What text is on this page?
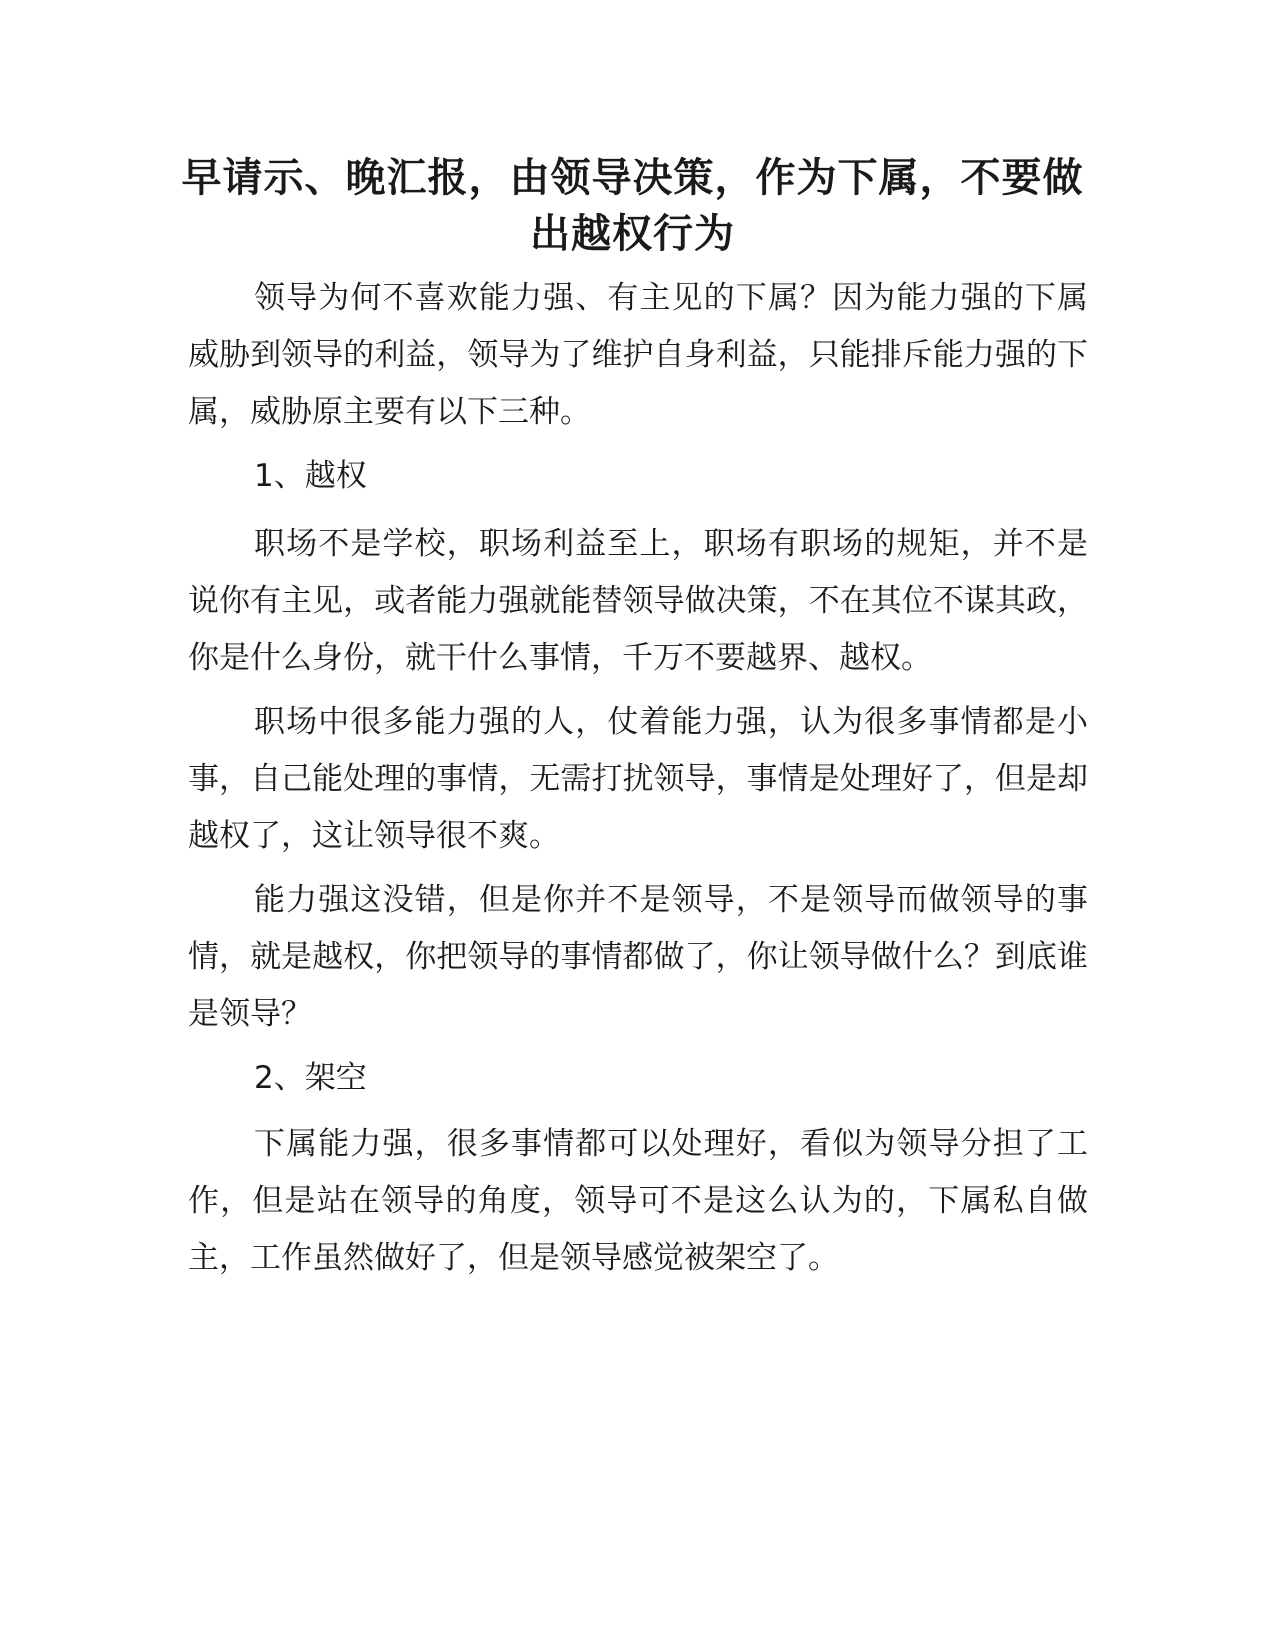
早请示、晚汇报，由领导决策，作为下属，不要做出越权行为

领导为何不喜欢能力强、有主见的下属？因为能力强的下属威胁到领导的利益，领导为了维护自身利益，只能排斥能力强的下属，威胁原主要有以下三种。

1、越权

职场不是学校，职场利益至上，职场有职场的规矩，并不是说你有主见，或者能力强就能替领导做决策，不在其位不谋其政，你是什么身份，就干什么事情，千万不要越界、越权。

职场中很多能力强的人，仗着能力强，认为很多事情都是小事，自己能处理的事情，无需打扰领导，事情是处理好了，但是却越权了，这让领导很不爽。

能力强这没错，但是你并不是领导，不是领导而做领导的事情，就是越权，你把领导的事情都做了，你让领导做什么？到底谁是领导？

2、架空

下属能力强，很多事情都可以处理好，看似为领导分担了工作，但是站在领导的角度，领导可不是这么认为的，下属私自做主，工作虽然做好了，但是领导感觉被架空了。
